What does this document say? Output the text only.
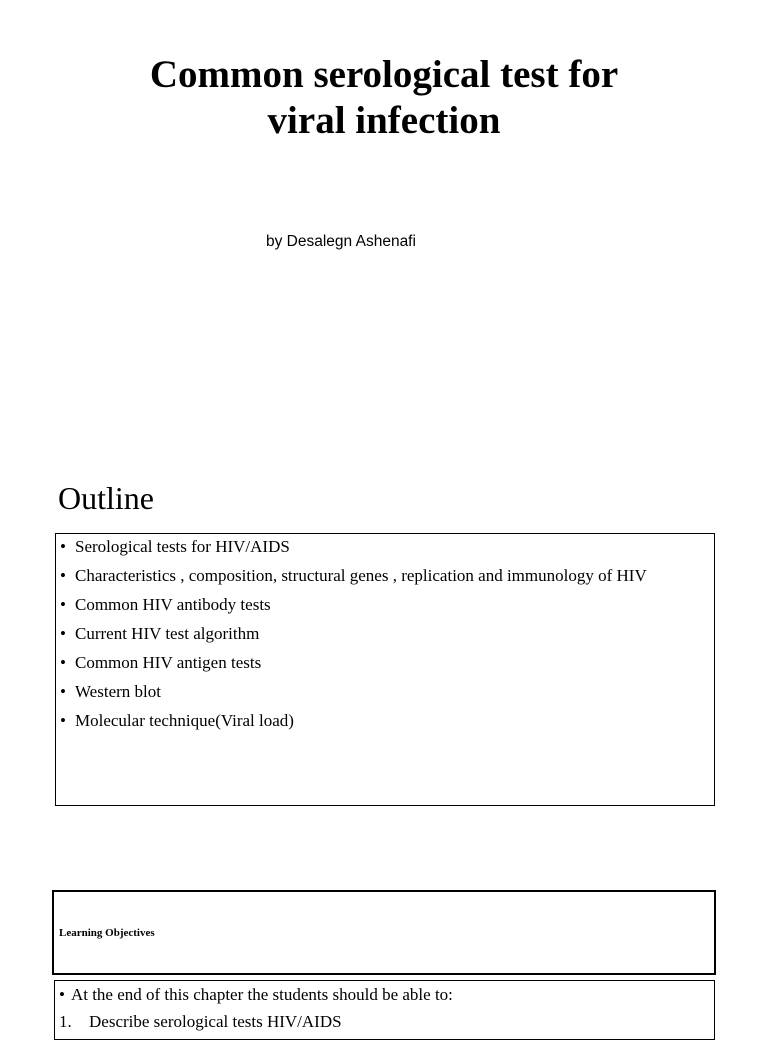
Common serological test for
viral infection
by Desalegn Ashenafi
Outline
• Serological tests for HIV/AIDS
• Characteristics , composition, structural genes , replication and immunology of HIV
• Common HIV antibody tests
• Current HIV test algorithm
• Common HIV antigen tests
• Western blot
• Molecular technique(Viral load)
Learning Objectives
• At the end of this chapter the students should be able to:
1. Describe serological tests HIV/AIDS
